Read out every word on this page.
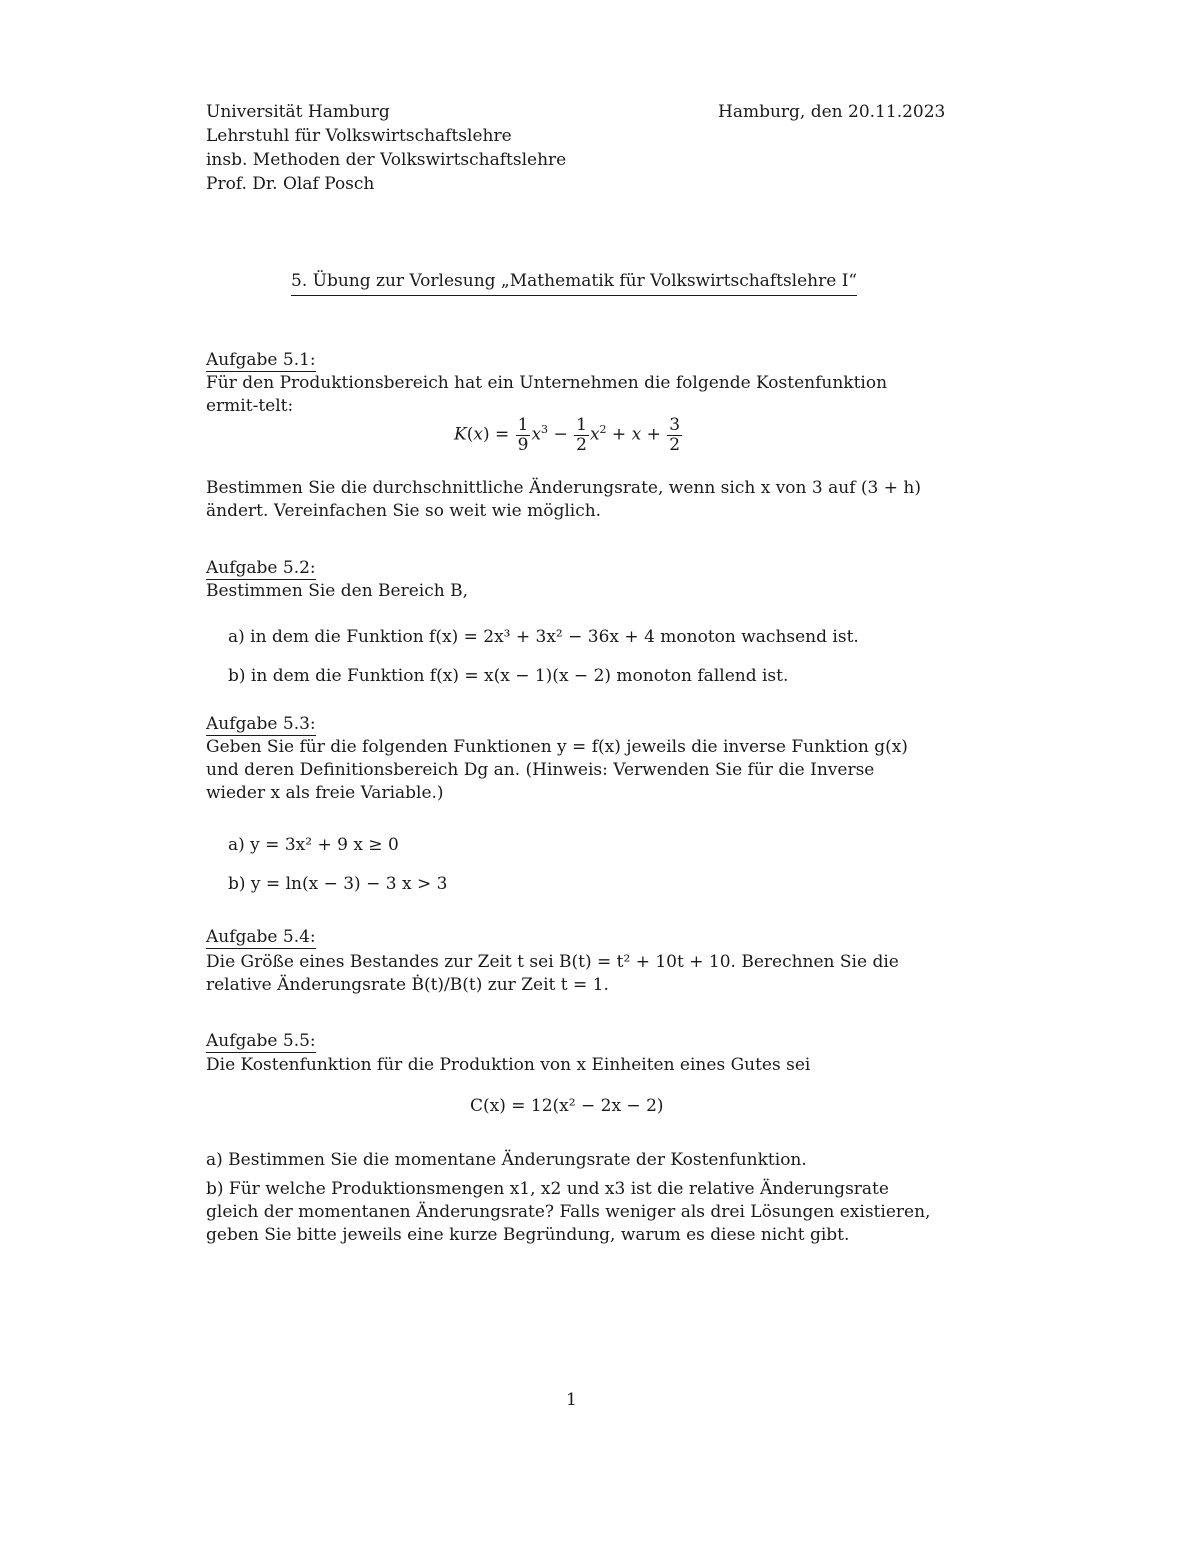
Universität Hamburg
Lehrstuhl für Volkswirtschaftslehre
insb. Methoden der Volkswirtschaftslehre
Prof. Dr. Olaf Posch
Hamburg, den 20.11.2023
5. Übung zur Vorlesung „Mathematik für Volkswirtschaftslehre I“
Aufgabe 5.1:
Für den Produktionsbereich hat ein Unternehmen die folgende Kostenfunktion ermit-telt:
$K(x) = \frac{1}{9} x^3 - \frac{1}{2} x^2 + x + \frac{3}{2}$
Bestimmen Sie die durchschnittliche Änderungsrate, wenn sich x von 3 auf (3 + h) ändert. Vereinfachen Sie so weit wie möglich.
Aufgabe 5.2:
Bestimmen Sie den Bereich B,
a) in dem die Funktion f(x) = 2x³ + 3x² − 36x + 4 monoton wachsend ist.
b) in dem die Funktion f(x) = x(x − 1)(x − 2) monoton fallend ist.
Aufgabe 5.3:
Geben Sie für die folgenden Funktionen y = f(x) jeweils die inverse Funktion g(x) und deren Definitionsbereich Dg an. (Hinweis: Verwenden Sie für die Inverse wieder x als freie Variable.)
a) y = 3x² + 9 x ≥ 0
b) y = ln(x − 3) − 3 x > 3
Aufgabe 5.4:
Die Größe eines Bestandes zur Zeit t sei B(t) = t² + 10t + 10. Berechnen Sie die relative Änderungsrate Ḃ(t)/B(t) zur Zeit t = 1.
Aufgabe 5.5:
Die Kostenfunktion für die Produktion von x Einheiten eines Gutes sei
C(x) = 12(x² − 2x − 2)
a) Bestimmen Sie die momentane Änderungsrate der Kostenfunktion.
b) Für welche Produktionsmengen x1, x2 und x3 ist die relative Änderungsrate gleich der momentanen Änderungsrate? Falls weniger als drei Lösungen existieren, geben Sie bitte jeweils eine kurze Begründung, warum es diese nicht gibt.
1
